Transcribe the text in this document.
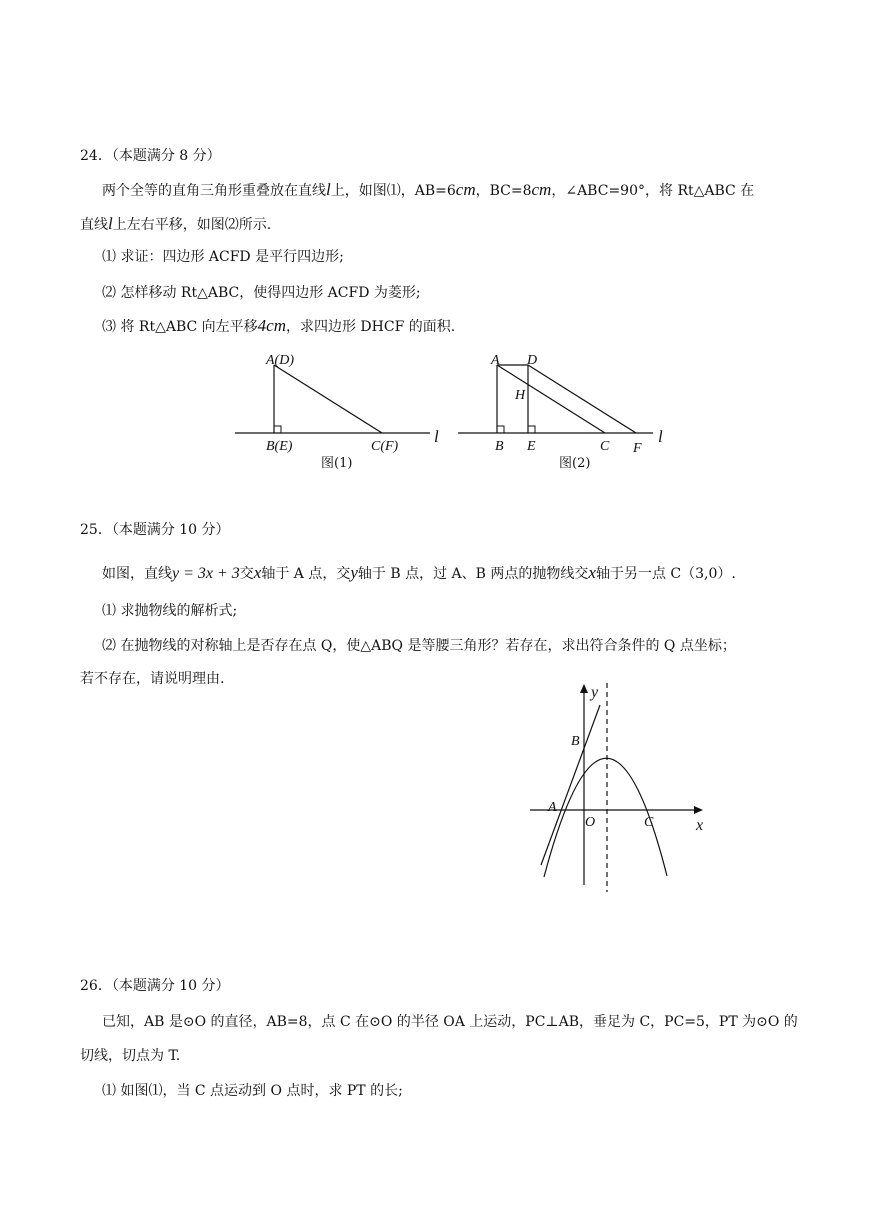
24．（本题满分 8 分）
两个全等的直角三角形重叠放在直线l上，如图⑴，AB=6cm，BC=8cm，∠ABC=90°，将 Rt△ABC 在
直线l上左右平移，如图⑵所示.
⑴ 求证：四边形 ACFD 是平行四边形;
⑵ 怎样移动 Rt△ABC，使得四边形 ACFD 为菱形;
⑶ 将 Rt△ABC 向左平移4cm，求四边形 DHCF 的面积.
A(D)
B(E)	C(F)
l
图(1)
A D
H
B E	C F
l
图(2)
25．（本题满分 10 分）
如图，直线y = 3x + 3交x轴于 A 点，交y轴于 B 点，过 A、B 两点的抛物线交x轴于另一点 C（3,0）.
⑴ 求抛物线的解析式;
⑵ 在抛物线的对称轴上是否存在点 Q，使△ABQ 是等腰三角形？若存在，求出符合条件的 Q 点坐标；
若不存在，请说明理由.
y
x
B
A
O	C
26．（本题满分 10 分）
已知，AB 是⊙O 的直径，AB=8，点 C 在⊙O 的半径 OA 上运动，PC⊥AB，垂足为 C，PC=5，PT 为⊙O 的
切线，切点为 T.
⑴ 如图⑴，当 C 点运动到 O 点时，求 PT 的长;
